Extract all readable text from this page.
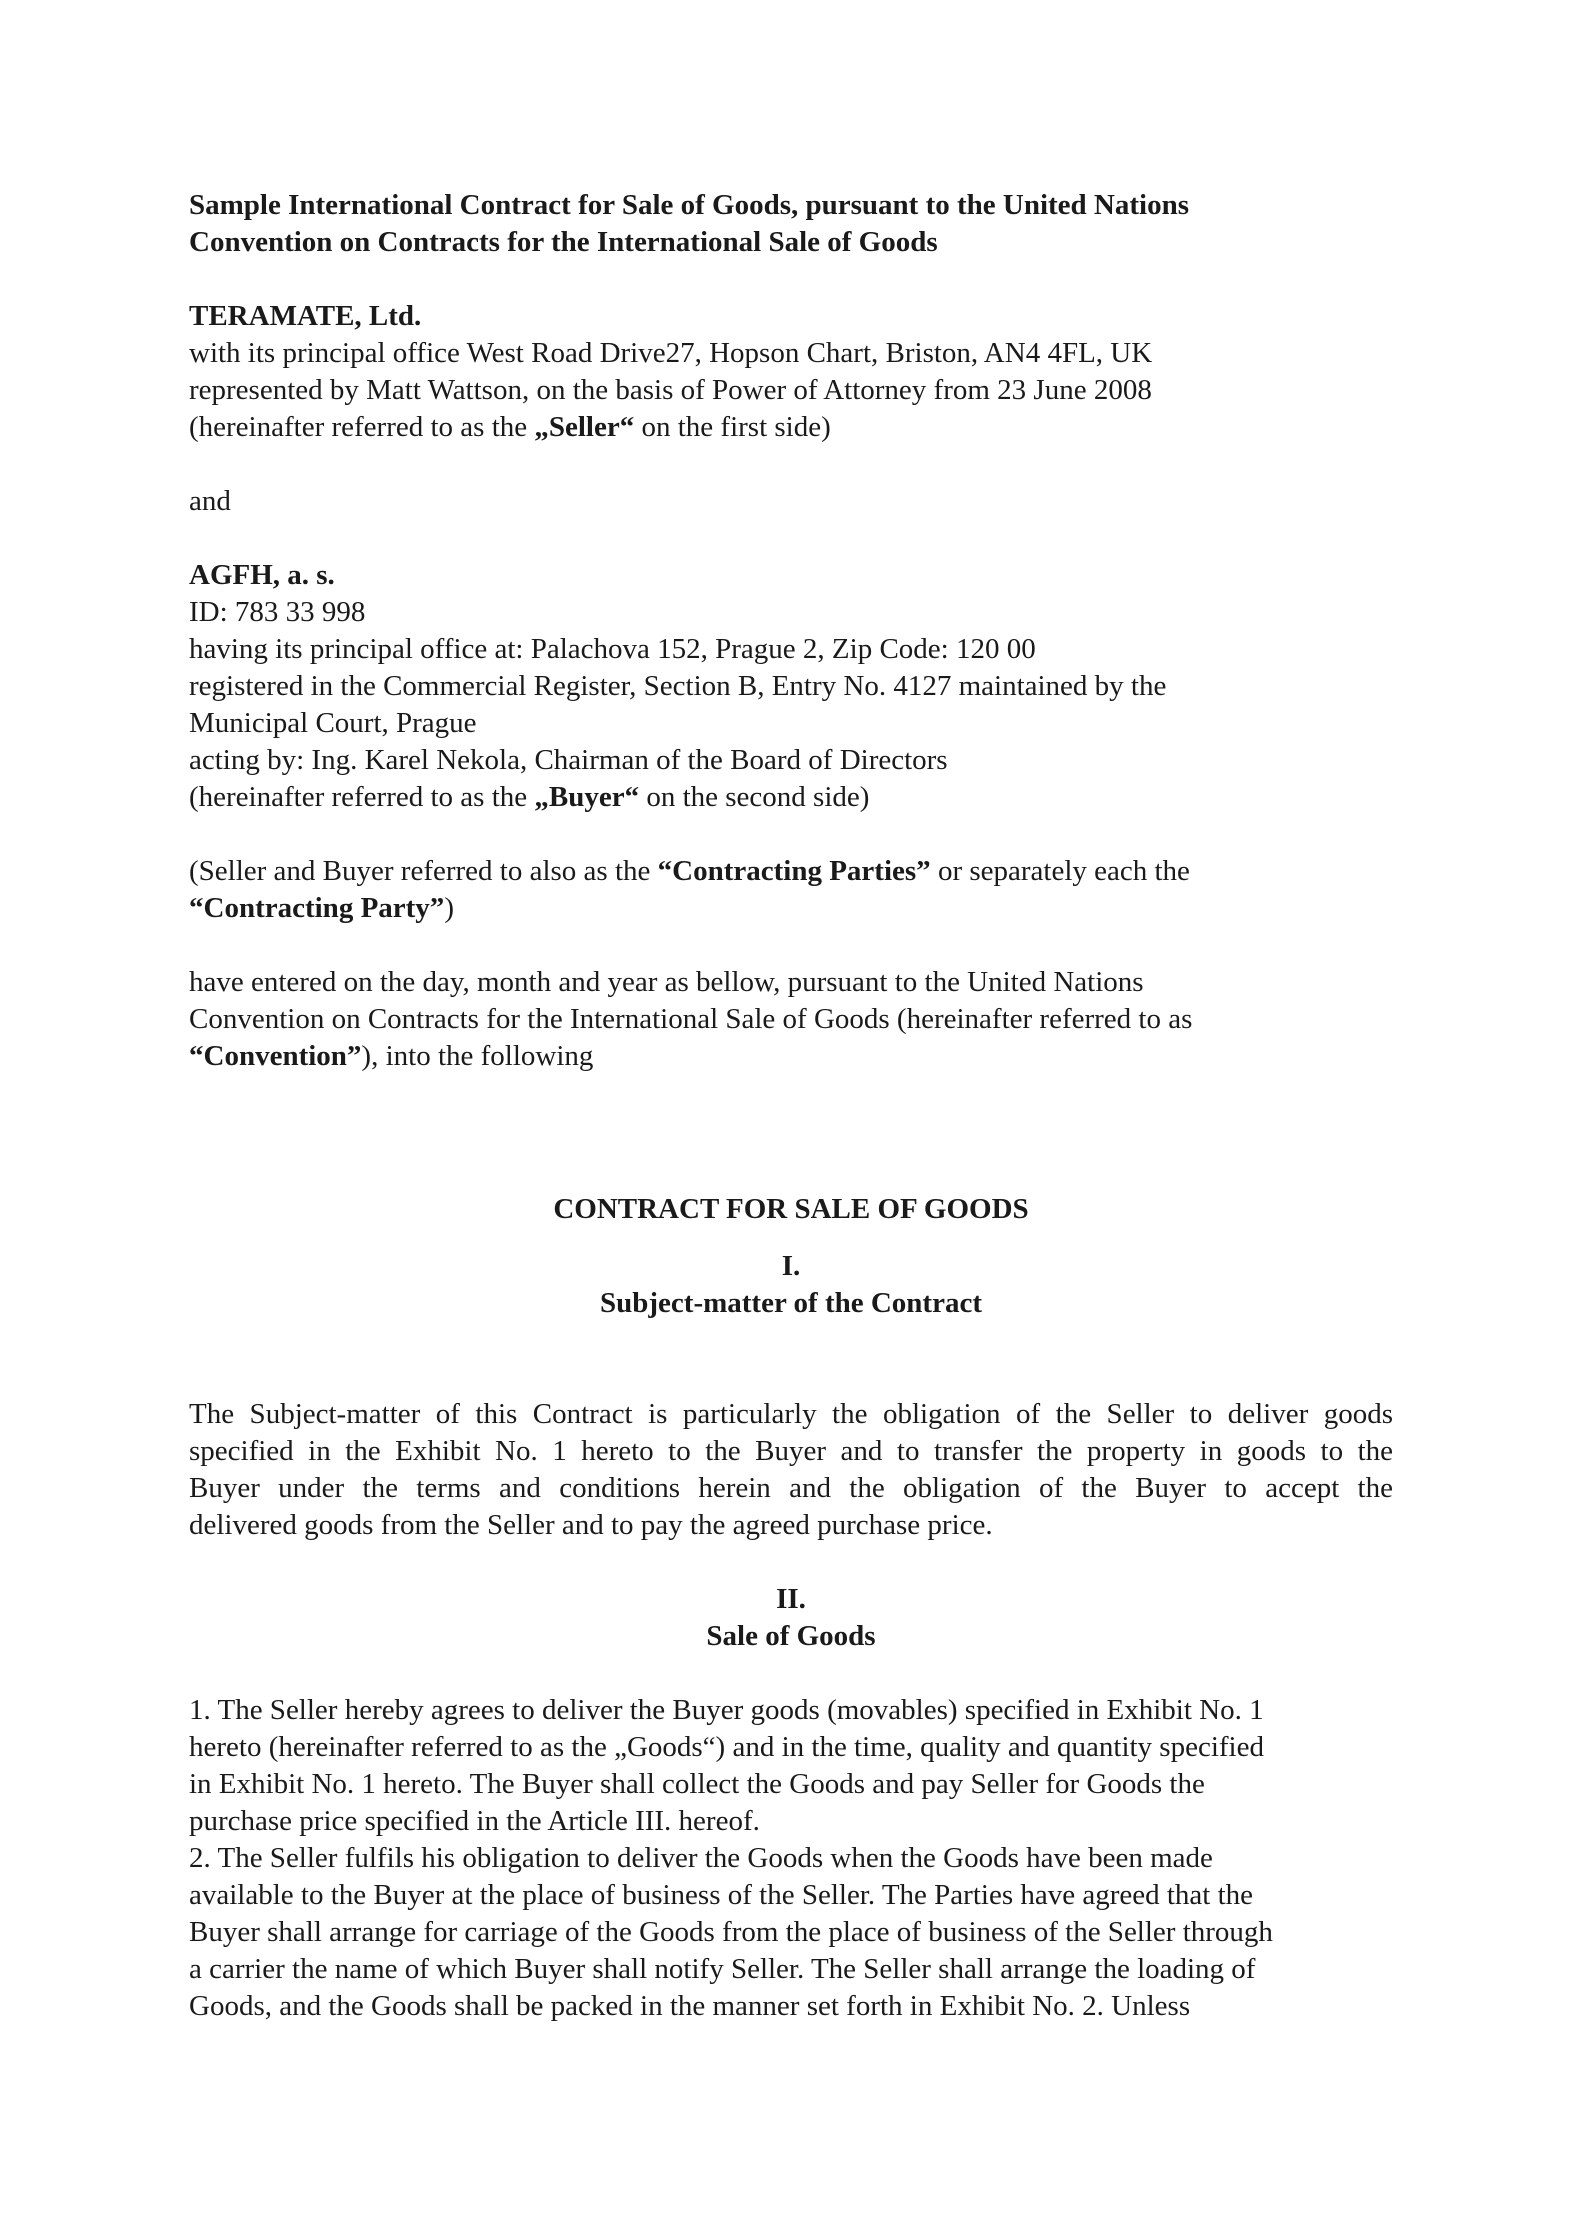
Sample International Contract for Sale of Goods, pursuant to the United Nations
Convention on Contracts for the International Sale of Goods
TERAMATE, Ltd.
with its principal office West Road Drive27, Hopson Chart, Briston, AN4 4FL, UK
represented by Matt Wattson, on the basis of Power of Attorney from 23 June 2008
(hereinafter referred to as the „Seller“ on the first side)
and
AGFH, a. s.
ID: 783 33 998
having its principal office at: Palachova 152, Prague 2, Zip Code: 120 00
registered in the Commercial Register, Section B, Entry No. 4127 maintained by the
Municipal Court, Prague
acting by: Ing. Karel Nekola, Chairman of the Board of Directors
(hereinafter referred to as the „Buyer“ on the second side)
(Seller and Buyer referred to also as the “Contracting Parties” or separately each the
“Contracting Party”)
have entered on the day, month and year as bellow, pursuant to the United Nations
Convention on Contracts for the International Sale of Goods (hereinafter referred to as
“Convention”), into the following
CONTRACT FOR SALE OF GOODS
I.
Subject-matter of the Contract
The Subject-matter of this Contract is particularly the obligation of the Seller to deliver goods
specified in the Exhibit No. 1 hereto to the Buyer and to transfer the property in goods to the
Buyer under the terms and conditions herein and the obligation of the Buyer to accept the
delivered goods from the Seller and to pay the agreed purchase price.
II.
Sale of Goods
1. The Seller hereby agrees to deliver the Buyer goods (movables) specified in Exhibit No. 1
hereto (hereinafter referred to as the „Goods“) and in the time, quality and quantity specified
in Exhibit No. 1 hereto. The Buyer shall collect the Goods and pay Seller for Goods the
purchase price specified in the Article III. hereof.
2. The Seller fulfils his obligation to deliver the Goods when the Goods have been made
available to the Buyer at the place of business of the Seller. The Parties have agreed that the
Buyer shall arrange for carriage of the Goods from the place of business of the Seller through
a carrier the name of which Buyer shall notify Seller. The Seller shall arrange the loading of
Goods, and the Goods shall be packed in the manner set forth in Exhibit No. 2. Unless
